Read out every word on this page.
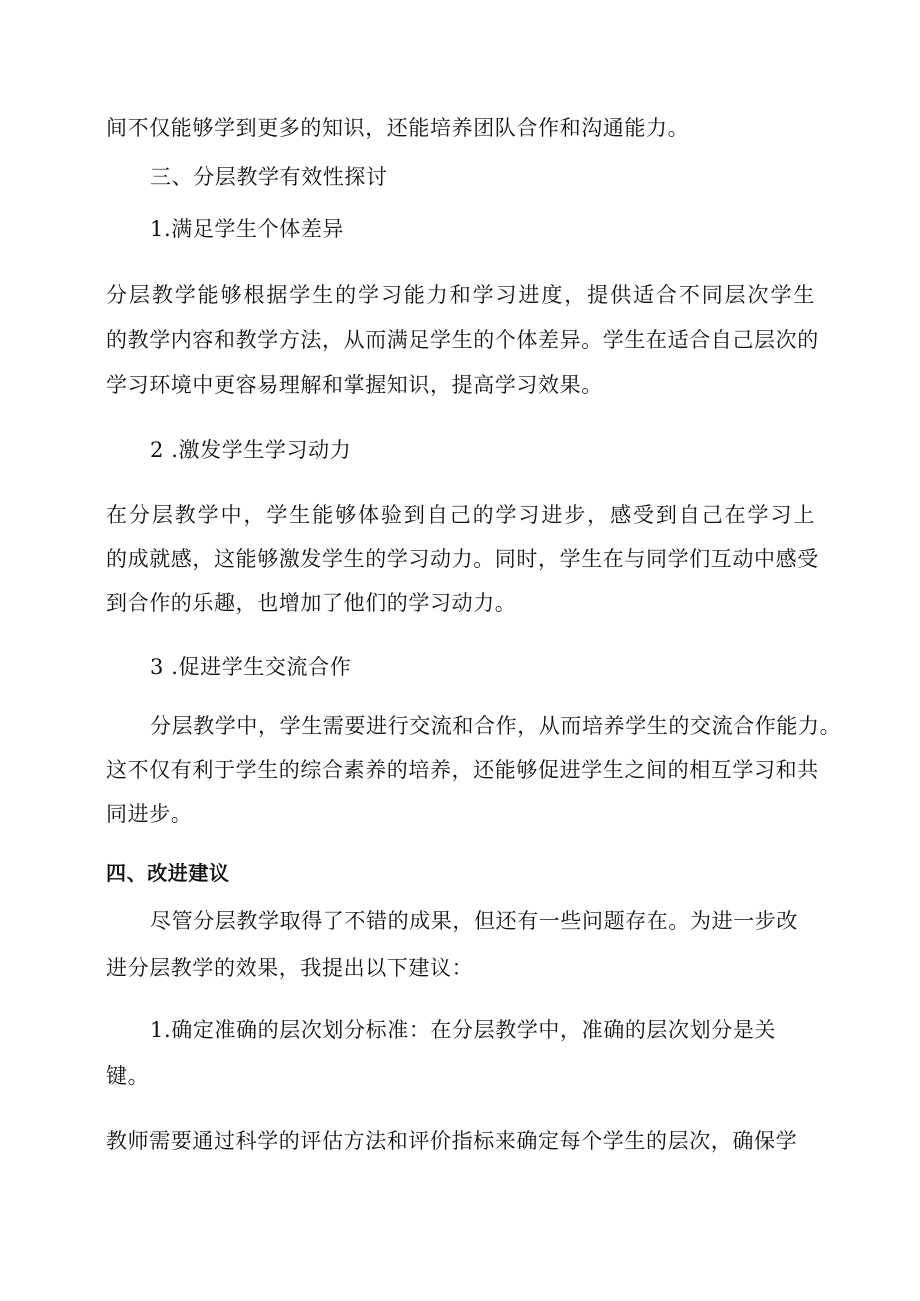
间不仅能够学到更多的知识，还能培养团队合作和沟通能力。
三、分层教学有效性探讨
1.满足学生个体差异
分层教学能够根据学生的学习能力和学习进度，提供适合不同层次学生
的教学内容和教学方法，从而满足学生的个体差异。学生在适合自己层次的
学习环境中更容易理解和掌握知识，提高学习效果。
2 .激发学生学习动力
在分层教学中，学生能够体验到自己的学习进步，感受到自己在学习上
的成就感，这能够激发学生的学习动力。同时，学生在与同学们互动中感受
到合作的乐趣，也增加了他们的学习动力。
3 .促进学生交流合作
分层教学中，学生需要进行交流和合作，从而培养学生的交流合作能力。
这不仅有利于学生的综合素养的培养，还能够促进学生之间的相互学习和共
同进步。
四、改进建议
尽管分层教学取得了不错的成果，但还有一些问题存在。为进一步改
进分层教学的效果，我提出以下建议：
1.确定准确的层次划分标准：在分层教学中，准确的层次划分是关
键。
教师需要通过科学的评估方法和评价指标来确定每个学生的层次，确保学
